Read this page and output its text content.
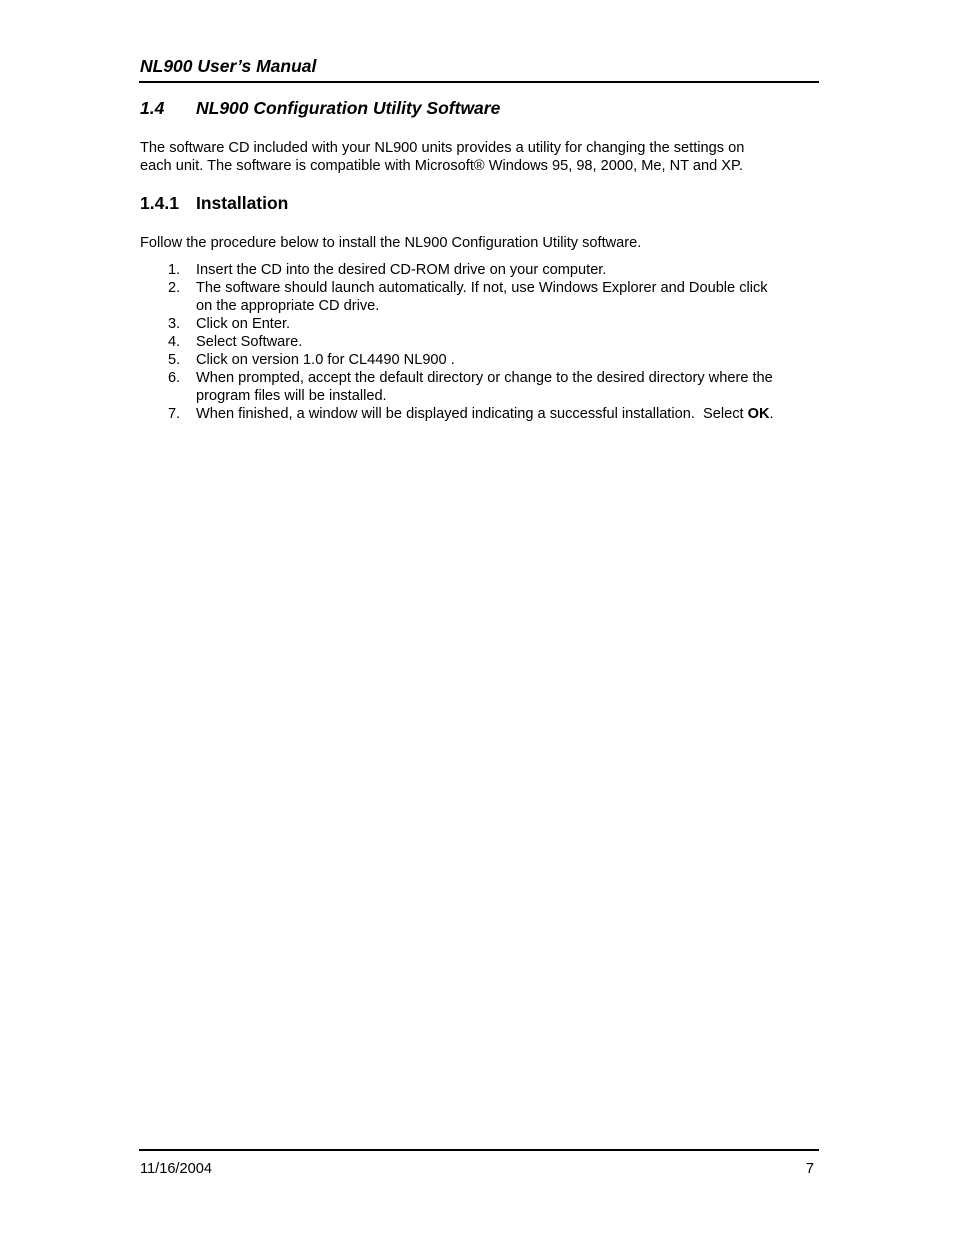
NL900 User’s Manual
1.4 NL900 Configuration Utility Software
The software CD included with your NL900 units provides a utility for changing the settings on
each unit. The software is compatible with Microsoft® Windows 95, 98, 2000, Me, NT and XP.
1.4.1 Installation
Follow the procedure below to install the NL900 Configuration Utility software.
1. Insert the CD into the desired CD-ROM drive on your computer.
2. The software should launch automatically. If not, use Windows Explorer and Double click
on the appropriate CD drive.
3. Click on Enter.
4. Select Software.
5. Click on version 1.0 for CL4490 NL900 .
6. When prompted, accept the default directory or change to the desired directory where the
program files will be installed.
7. When finished, a window will be displayed indicating a successful installation.  Select OK.
11/16/2004	7
